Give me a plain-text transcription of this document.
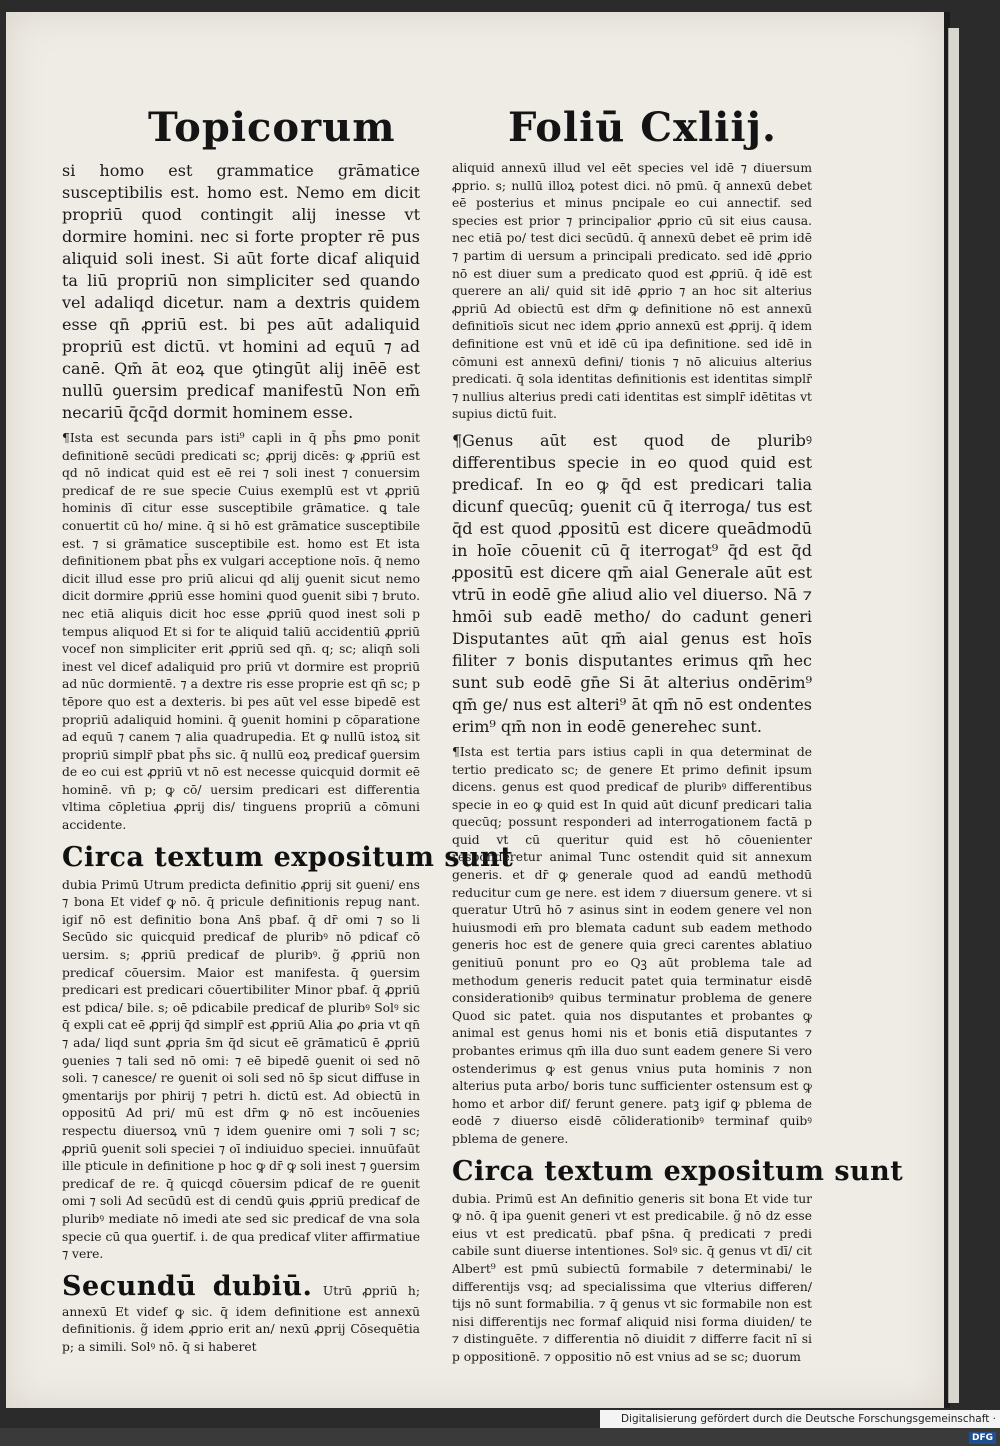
Topicorum	Foliū Cxliij.

si homo est grammatice grāmatice susceptibilis est. homo est. Nemo em dicit propriū quod contingit alij inesse vt dormire homini. nec si forte propter rē pus aliquid soli inest. Si aūt forte dicaf aliquid ta liū propriū non simpliciter sed quando vel adaliqd dicetur. nam a dextris quidem esse qn̄ ꝓpriū est. bi pes aūt adaliquid propriū est dictū. vt homini ad equū ⁊ ad canē. Qm̄ āt eoꝝ que ꝯtingūt alij inēē est nullū ꝯuersim predicaf manifestū Non em̄ necariū q̄cq̄d dormit hominem esse.

¶Ista est secunda pars isti⁹ capli in q̄ ph̄s ꝑmo ponit definitionē secūdi predicati sc; ꝓprij dicēs: ꝙ ꝓpriū est qd nō indicat quid est eē rei ⁊ soli inest ⁊ conuersim predicaf de re sue specie Cuius exemplū est vt ꝓpriū hominis dī citur esse susceptibile grāmatice. ꝗ tale conuertit cū ho/ mine. q̄ si hō est grāmatice susceptibile est. ⁊ si grāmatice susceptibile est. homo est Et ista definitionem pbat ph̄s ex vulgari acceptione noīs. q̄ nemo dicit illud esse pro priū alicui qd alij ꝯuenit sicut nemo dicit dormire ꝓpriū esse homini quod ꝯuenit sibi ⁊ bruto. nec etiā aliquis dicit hoc esse ꝓpriū quod inest soli p tempus aliquod Et si for te aliquid taliū accidentiū ꝓpriū vocef non simpliciter erit ꝓpriū sed qn̄. q; sc; aliqn̄ soli inest vel dicef adaliquid pro priū vt dormire est propriū ad nūc dormientē. ⁊ a dextre ris esse proprie est qn̄ sc; p tēpore quo est a dexteris. bi pes aūt vel esse bipedē est propriū adaliquid homini. q̄ ꝯuenit homini p cōparatione ad equū ⁊ canem ⁊ alia quadrupedia. Et ꝙ nullū istoꝝ sit propriū simplr̄ pbat ph̄s sic. q̄ nullū eoꝝ predicaf ꝯuersim de eo cui est ꝓpriū vt nō est necesse quicquid dormit eē hominē. vn̄ p; ꝙ cō/ uersim predicari est differentia vltima cōpletiua ꝓprij dis/ tinguens propriū a cōmuni accidente.

Circa textum expositum sunt

dubia Primū Utrum predicta definitio ꝓprij sit ꝯueni/ ens ⁊ bona Et videf ꝙ nō. q̄ pricule definitionis repug nant. igif nō est definitio bona Ans̄ pbaf. q̄ dr̄ omi ⁊ so li Secūdo sic quicquid predicaf de pluribꝰ nō pdicaf cō uersim. s; ꝓpriū predicaf de pluribꝰ. g̃ ꝓpriū non predicaf cōuersim. Maior est manifesta. q̄ ꝯuersim predicari est predicari cōuertibiliter Minor pbaf. q̄ ꝓpriū est pdica/ bile. s; oē pdicabile predicaf de pluribꝰ Solꝰ sic q̄ expli cat eē ꝓprij q̄d simplr̄ est ꝓpriū Alia ꝓo ꝓria vt qn̄ ⁊ ada/ liqd sunt ꝓpria s̄m q̄d sicut eē grāmaticū ē ꝓpriū ꝯuenies ⁊ tali sed nō omi: ⁊ eē bipedē ꝯuenit oi sed nō soli. ⁊ canesce/ re ꝯuenit oi soli sed nō s̄p sicut diffuse in ꝯmentarijs por phirij ⁊ petri h. dictū est. Ad obiectū in oppositū Ad pri/ mū est dr̄m ꝙ nō est incōuenies respectu diuersoꝝ vnū ⁊ idem ꝯuenire omi ⁊ soli ⁊ sc; ꝓpriū ꝯuenit soli speciei ⁊ oī indiuiduo speciei. innuūfaūt ille pticule in definitione p hoc ꝙ dr̄ ꝙ soli inest ⁊ ꝯuersim predicaf de re. q̄ quicqd cōuersim pdicaf de re ꝯuenit omi ⁊ soli Ad secūdū est di cendū ꝙuis ꝓpriū predicaf de pluribꝰ mediate nō imedi ate sed sic predicaf de vna sola specie cū qua ꝯuertif. i. de qua predicaf vliter affirmatiue ⁊ vere.

Secundū dubiū. Utrū ꝓpriū h; annexū Et videf ꝙ sic. q̄ idem definitione est annexū definitionis. g̃ idem ꝓprio erit an/ nexū ꝓprij Cōsequētia p; a simili. Solꝰ nō. q̄ si haberet

aliquid annexū illud vel eēt species vel idē ⁊ diuersum ꝓprio. s; nullū illoꝝ potest dici. nō pmū. q̄ annexū debet eē posterius et minus pncipale eo cui annectif. sed species est prior ⁊ principalior ꝓprio cū sit eius causa. nec etiā po/ test dici secūdū. q̄ annexū debet eē prim idē ⁊ partim di uersum a principali predicato. sed idē ꝓprio nō est diuer sum a predicato quod est ꝓpriū. q̄ idē est querere an ali/ quid sit idē ꝓprio ⁊ an hoc sit alterius ꝓpriū Ad obiectū est dr̄m ꝙ definitione nō est annexū definitioīs sicut nec idem ꝓprio annexū est ꝓprij. q̄ idem definitione est vnū et idē cū ipa definitione. sed idē in cōmuni est annexū defini/ tionis ⁊ nō alicuius alterius predicati. q̄ sola identitas definitionis est identitas simplr̄ ⁊ nullius alterius predi cati identitas est simplr̄ idētitas vt supius dictū fuit.

¶Genus aūt est quod de pluribꝰ differentibus specie in eo quod quid est predicaf. In eo ꝙ q̄d est predicari talia dicunf quecūq; ꝯuenit cū q̄ iterroga/ tus est q̄d est quod ꝓpositū est dicere queādmodū in hoīe cōuenit cū q̄ iterrogat⁹ q̄d est q̄d ꝓpositū est dicere qm̄ aial Generale aūt est vtrū in eodē gn̄e aliud alio vel diuerso. Nā ⁊ hmōi sub eadē metho/ do cadunt generi Disputantes aūt qm̄ aial genus est hoīs filiter ⁊ bonis disputantes erimus qm̄ hec sunt sub eodē gn̄e Si āt alterius ondērim⁹ qm̄ ge/ nus est alteri⁹ āt qm̄ nō est ondentes erim⁹ qm̄ non in eodē generehec sunt.

¶Ista est tertia pars istius capli in qua determinat de tertio predicato sc; de genere Et primo definit ipsum dicens. genus est quod predicaf de pluribꝰ differentibus specie in eo ꝙ quid est In quid aūt dicunf predicari talia quecūq; possunt responderi ad interrogationem factā p quid vt cū queritur quid est hō cōuenienter responderetur animal Tunc ostendit quid sit annexum generis. et dr̄ ꝙ generale quod ad eandū methodū reducitur cum ge nere. est idem ⁊ diuersum genere. vt si queratur Utrū hō ⁊ asinus sint in eodem genere vel non huiusmodi em̄ pro blemata cadunt sub eadem methodo generis hoc est de genere quia greci carentes ablatiuo genitiuū ponunt pro eo Qꝫ aūt problema tale ad methodum generis reducit patet quia terminatur eisdē considerationibꝰ quibus terminatur problema de genere Quod sic patet. quia nos disputantes et probantes ꝙ animal est genus homi nis et bonis etiā disputantes ⁊ probantes erimus qm̄ illa duo sunt eadem genere Si vero ostenderimus ꝙ est genus vnius puta hominis ⁊ non alterius puta arbo/ boris tunc sufficienter ostensum est ꝙ homo et arbor dif/ ferunt genere. patꝫ igif ꝙ pblema de eodē ⁊ diuerso eisdē cōliderationibꝰ terminaf quibꝰ pblema de genere.

Circa textum expositum sunt

dubia. Primū est An definitio generis sit bona Et vide tur ꝙ nō. q̄ ipa ꝯuenit generi vt est predicabile. g̃ nō dz esse eius vt est predicatū. pbaf ps̄na. q̄ predicati ⁊ predi cabile sunt diuerse intentiones. Solꝰ sic. q̄ genus vt dī/ cit Albert⁹ est pmū subiectū formabile ⁊ determinabi/ le differentijs vsq; ad specialissima que vlterius differen/ tijs nō sunt formabilia. ⁊ q̄ genus vt sic formabile non est nisi differentijs nec formaf aliquid nisi forma diuiden/ te ⁊ distinguēte. ⁊ differentia nō diuidit ⁊ differre facit nī si p oppositionē. ⁊ oppositio nō est vnius ad se sc; duorum

Digitalisierung gefördert durch die Deutsche Forschungsgemeinschaft ·DFG
